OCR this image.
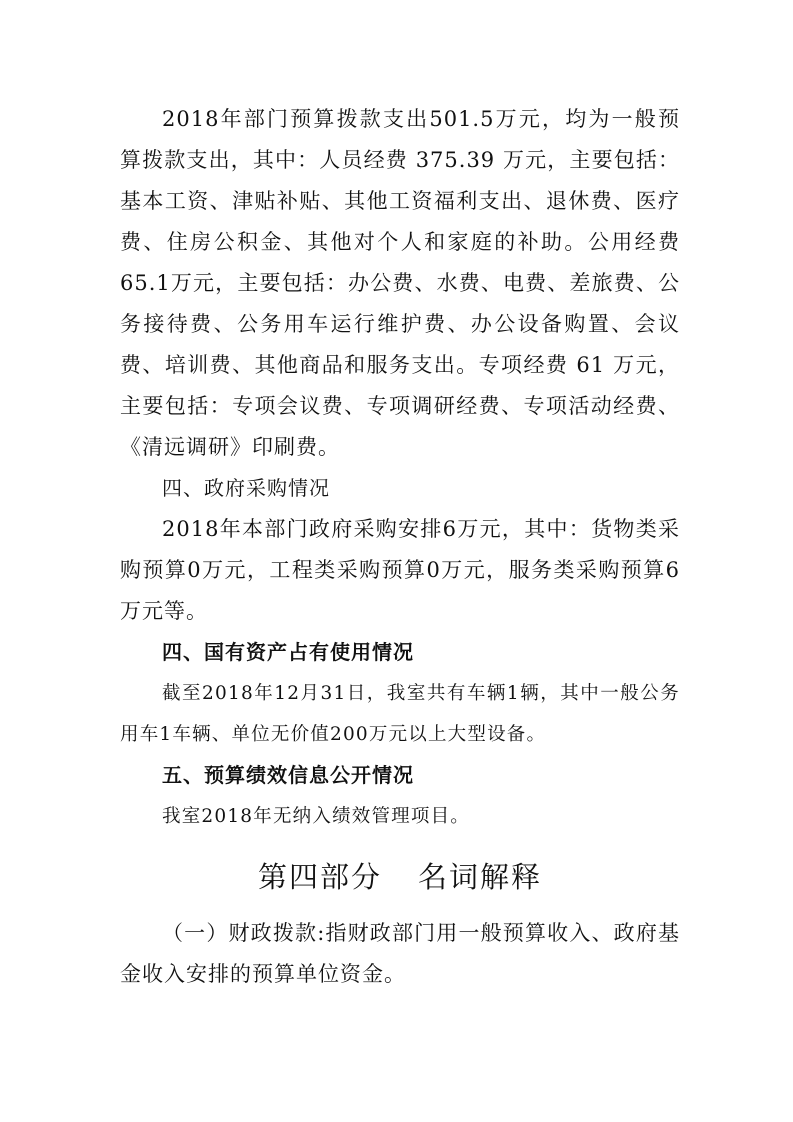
2018年部门预算拨款支出501.5万元，均为一般预算拨款支出，其中：人员经费 375.39 万元，主要包括：基本工资、津贴补贴、其他工资福利支出、退休费、医疗费、住房公积金、其他对个人和家庭的补助。公用经费65.1万元，主要包括：办公费、水费、电费、差旅费、公务接待费、公务用车运行维护费、办公设备购置、会议费、培训费、其他商品和服务支出。专项经费 61 万元，主要包括：专项会议费、专项调研经费、专项活动经费、《清远调研》印刷费。

四、政府采购情况

2018年本部门政府采购安排6万元，其中：货物类采购预算0万元，工程类采购预算0万元，服务类采购预算6万元等。

四、国有资产占有使用情况

截至2018年12月31日，我室共有车辆1辆，其中一般公务用车1车辆、单位无价值200万元以上大型设备。

五、预算绩效信息公开情况

我室2018年无纳入绩效管理项目。

第四部分 名词解释

（一）财政拨款:指财政部门用一般预算收入、政府基金收入安排的预算单位资金。
